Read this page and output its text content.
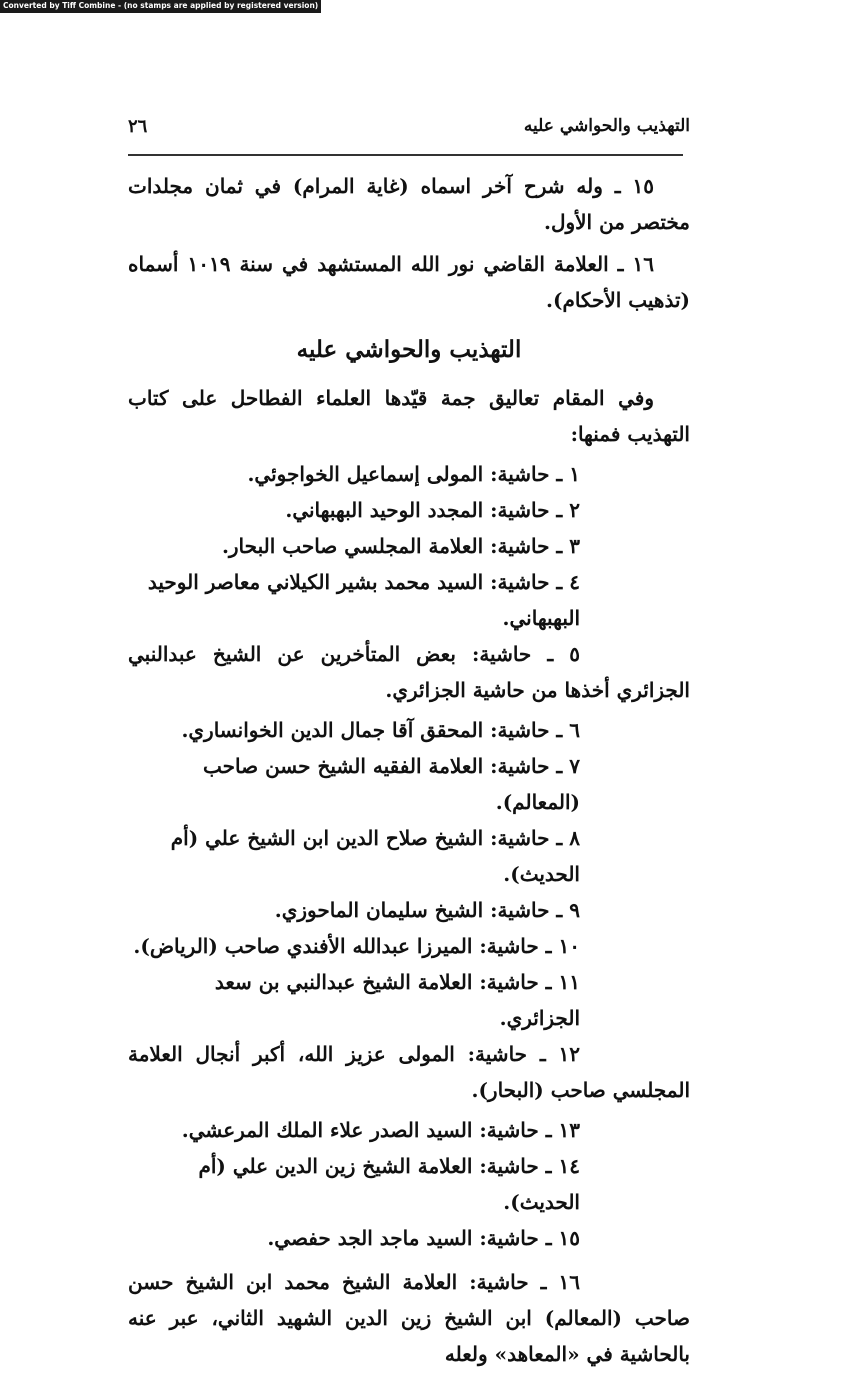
Converted by Tiff Combine - (no stamps are applied by registered version)
التهذيب والحواشي عليه
٢٦

١٥ ـ وله شرح آخر اسماه (غاية المرام) في ثمان مجلدات مختصر من الأول.

١٦ ـ العلامة القاضي نور الله المستشهد في سنة ١٠١٩ أسماه (تذهيب الأحكام).

التهذيب والحواشي عليه

وفي المقام تعاليق جمة قيّدها العلماء الفطاحل على كتاب التهذيب فمنها:

١ ـ حاشية: المولى إسماعيل الخواجوئي.
٢ ـ حاشية: المجدد الوحيد البهبهاني.
٣ ـ حاشية: العلامة المجلسي صاحب البحار.
٤ ـ حاشية: السيد محمد بشير الكيلاني معاصر الوحيد البهبهاني.
٥ ـ حاشية: بعض المتأخرين عن الشيخ عبدالنبي الجزائري أخذها من حاشية الجزائري.
٦ ـ حاشية: المحقق آقا جمال الدين الخوانساري.
٧ ـ حاشية: العلامة الفقيه الشيخ حسن صاحب (المعالم).
٨ ـ حاشية: الشيخ صلاح الدين ابن الشيخ علي (أم الحديث).
٩ ـ حاشية: الشيخ سليمان الماحوزي.
١٠ ـ حاشية: الميرزا عبدالله الأفندي صاحب (الرياض).
١١ ـ حاشية: العلامة الشيخ عبدالنبي بن سعد الجزائري.
١٢ ـ حاشية: المولى عزيز الله، أكبر أنجال العلامة المجلسي صاحب (البحار).
١٣ ـ حاشية: السيد الصدر علاء الملك المرعشي.
١٤ ـ حاشية: العلامة الشيخ زين الدين علي (أم الحديث).
١٥ ـ حاشية: السيد ماجد الجد حفصي.
١٦ ـ حاشية: العلامة الشيخ محمد ابن الشيخ حسن صاحب (المعالم) ابن الشيخ زين الدين الشهيد الثاني، عبر عنه بالحاشية في «المعاهد» ولعله
